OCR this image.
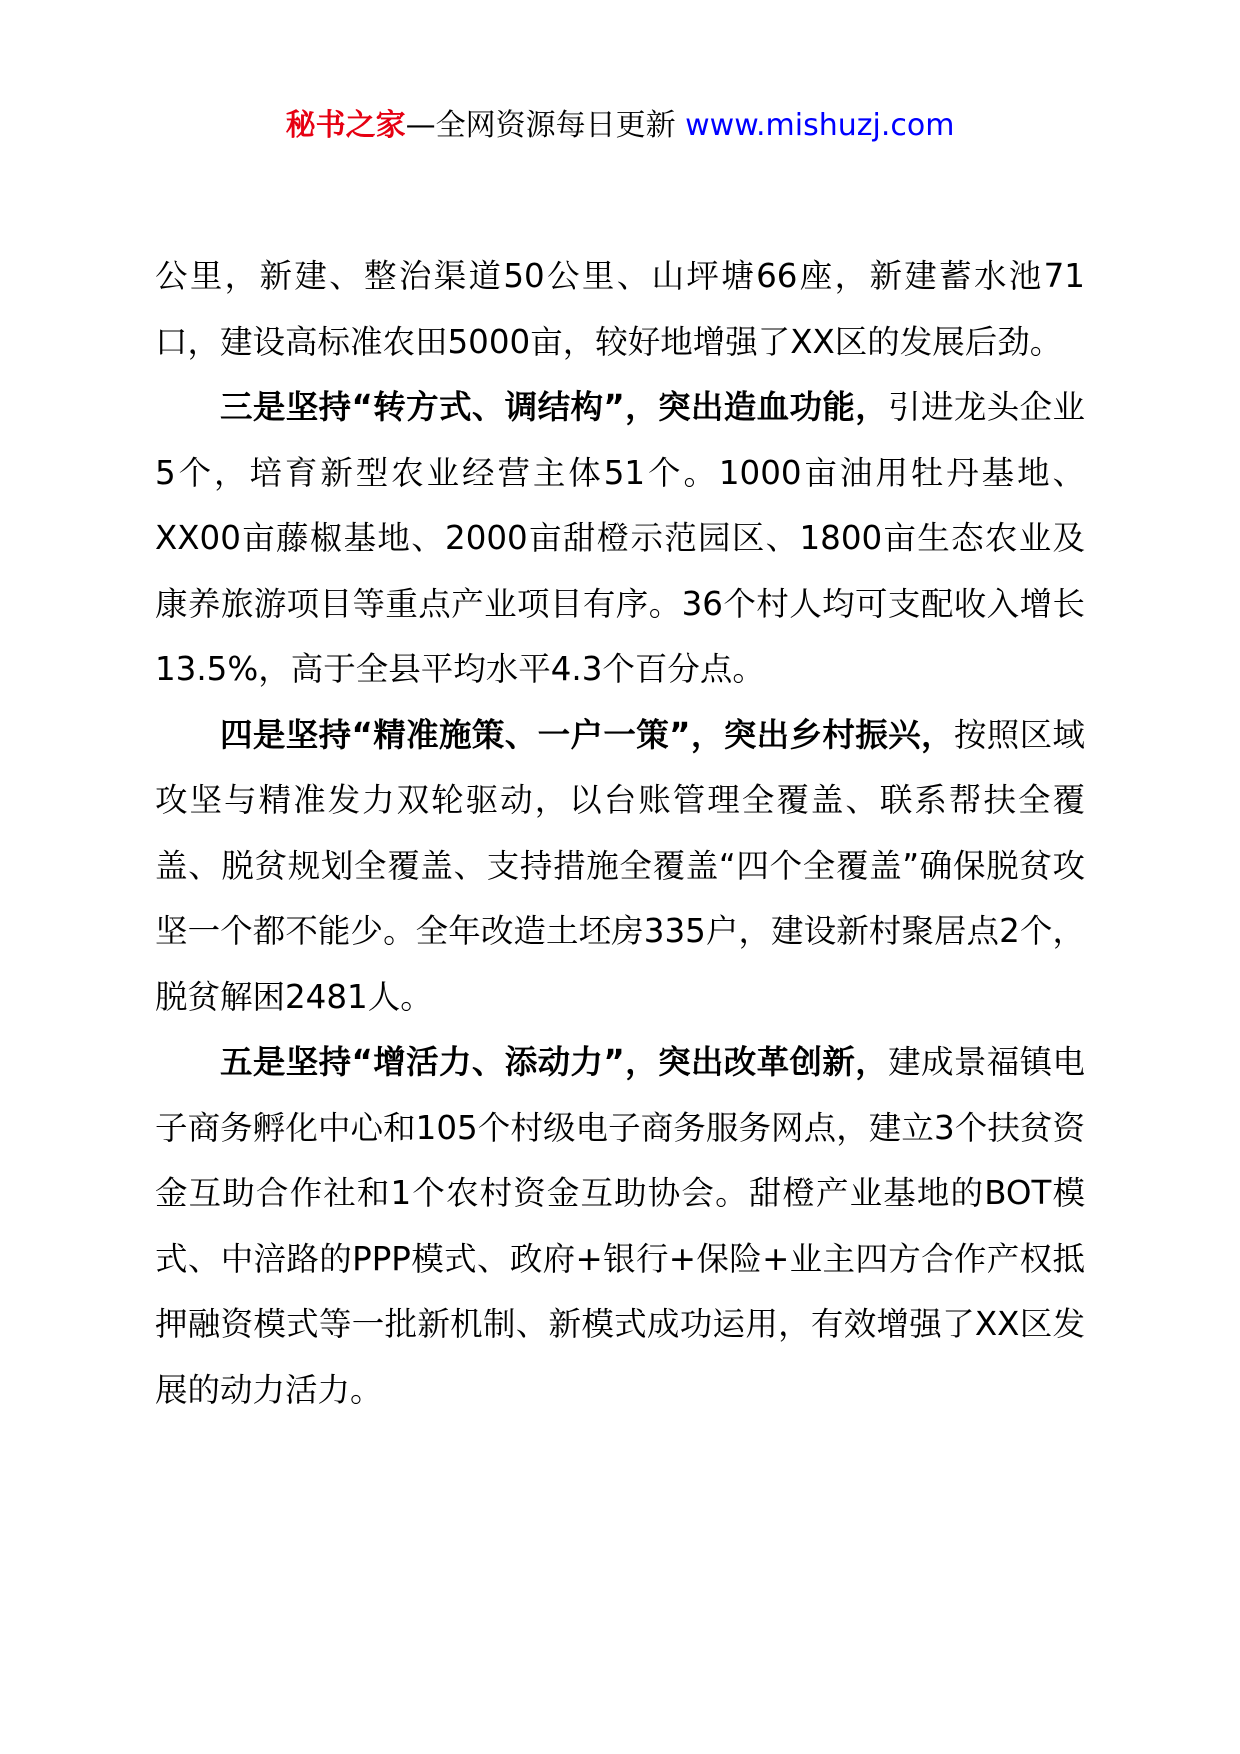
秘书之家—全网资源每日更新 www.mishuzj.com

公里，新建、整治渠道50公里、山坪塘66座，新建蓄水池71口，建设高标准农田5000亩，较好地增强了XX区的发展后劲。

三是坚持“转方式、调结构”，突出造血功能，引进龙头企业5个，培育新型农业经营主体51个。1000亩油用牡丹基地、XX00亩藤椒基地、2000亩甜橙示范园区、1800亩生态农业及康养旅游项目等重点产业项目有序。36个村人均可支配收入增长13.5%，高于全县平均水平4.3个百分点。

四是坚持“精准施策、一户一策”，突出乡村振兴，按照区域攻坚与精准发力双轮驱动，以台账管理全覆盖、联系帮扶全覆盖、脱贫规划全覆盖、支持措施全覆盖“四个全覆盖”确保脱贫攻坚一个都不能少。全年改造土坯房335户，建设新村聚居点2个，脱贫解困2481人。

五是坚持“增活力、添动力”，突出改革创新，建成景福镇电子商务孵化中心和105个村级电子商务服务网点，建立3个扶贫资金互助合作社和1个农村资金互助协会。甜橙产业基地的BOT模式、中涪路的PPP模式、政府+银行+保险+业主四方合作产权抵押融资模式等一批新机制、新模式成功运用，有效增强了XX区发展的动力活力。
